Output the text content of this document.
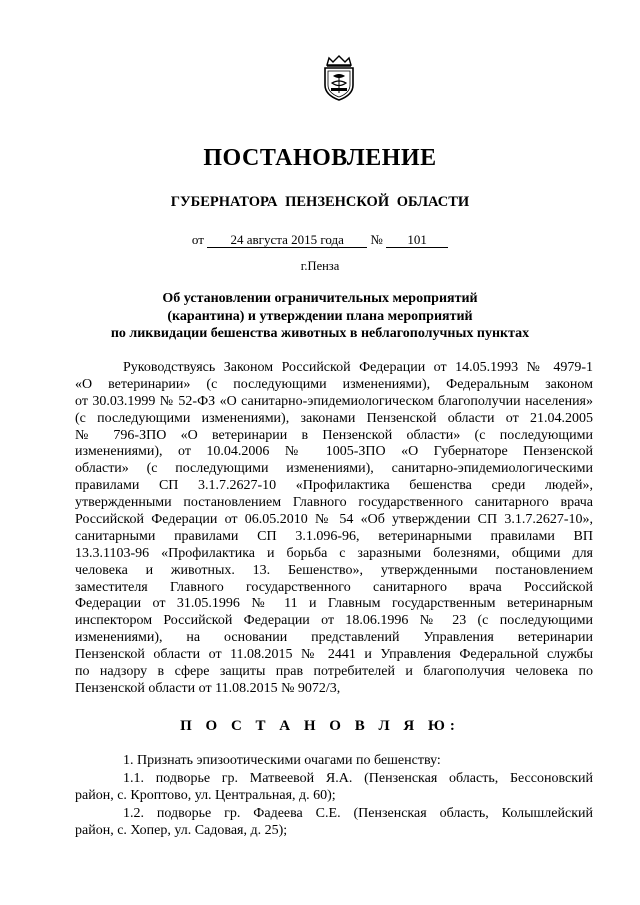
ПОСТАНОВЛЕНИЕ
ГУБЕРНАТОРА ПЕНЗЕНСКОЙ ОБЛАСТИ
от 24 августа 2015 года № 101
г.Пенза
Об установлении ограничительных мероприятий
(карантина) и утверждении плана мероприятий
по ликвидации бешенства животных в неблагополучных пунктах
Руководствуясь Законом Российской Федерации от 14.05.1993 № 4979-1
«О ветеринарии» (с последующими изменениями), Федеральным законом
от 30.03.1999 № 52-ФЗ «О санитарно-эпидемиологическом благополучии населения»
(с последующими изменениями), законами Пензенской области от 21.04.2005
№ 796-ЗПО «О ветеринарии в Пензенской области» (с последующими
изменениями), от 10.04.2006 № 1005-ЗПО «О Губернаторе Пензенской
области» (с последующими изменениями), санитарно-эпидемиологическими
правилами СП 3.1.7.2627-10 «Профилактика бешенства среди людей»,
утвержденными постановлением Главного государственного санитарного врача
Российской Федерации от 06.05.2010 № 54 «Об утверждении СП 3.1.7.2627-10»,
санитарными правилами СП 3.1.096-96, ветеринарными правилами ВП
13.3.1103-96 «Профилактика и борьба с заразными болезнями, общими для
человека и животных. 13. Бешенство», утвержденными постановлением
заместителя Главного государственного санитарного врача Российской
Федерации от 31.05.1996 № 11 и Главным государственным ветеринарным
инспектором Российской Федерации от 18.06.1996 № 23 (с последующими
изменениями), на основании представлений Управления ветеринарии
Пензенской области от 11.08.2015 № 2441 и Управления Федеральной службы
по надзору в сфере защиты прав потребителей и благополучия человека по
Пензенской области от 11.08.2015 № 9072/3,
П О С Т А Н О В Л Я Ю:
1. Признать эпизоотическими очагами по бешенству:
1.1. подворье гр. Матвеевой Я.А. (Пензенская область, Бессоновский
район, с. Кроптово, ул. Центральная, д. 60);
1.2. подворье гр. Фадеева С.Е. (Пензенская область, Колышлейский
район, с. Хопер, ул. Садовая, д. 25);
